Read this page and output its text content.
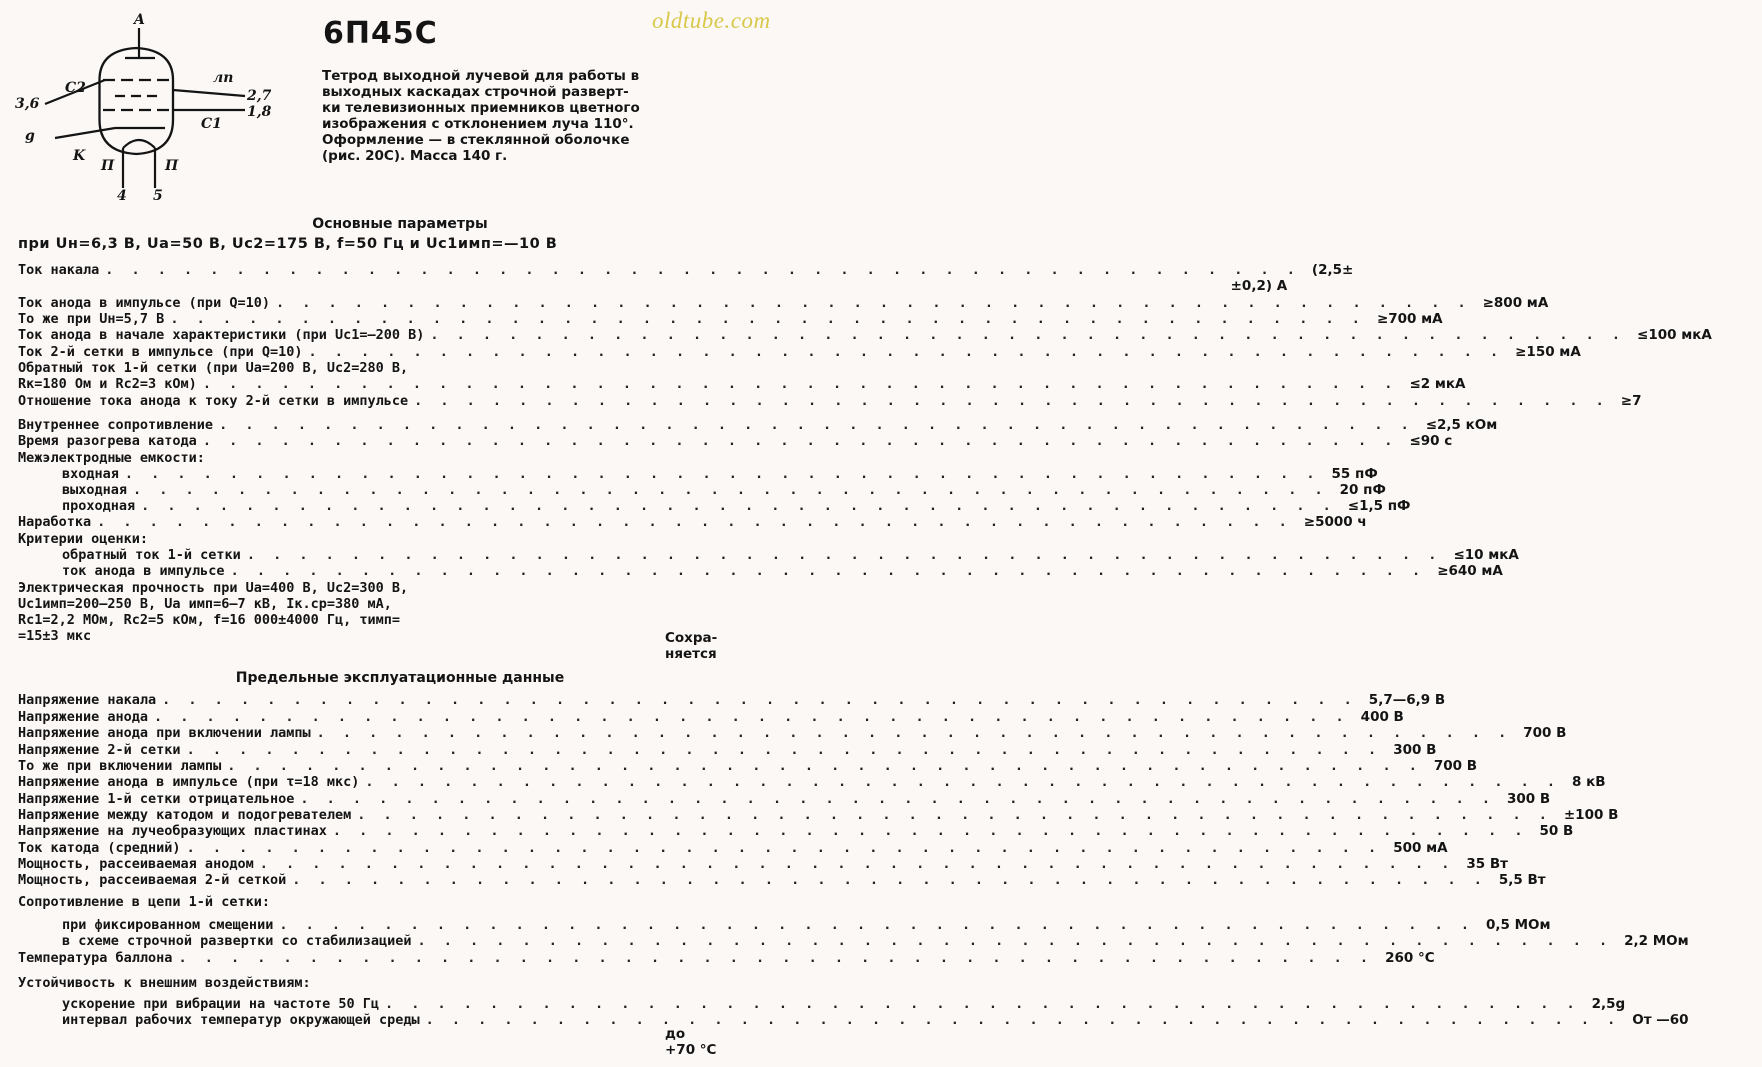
oldtube.com
A
3,6
g
C2
K
П	П
лп
C1
2,7
1,8
4 5
6П45С
Тетрод выходной лучевой для работы в
выходных каскадах строчной разверт-
ки телевизионных приемников цветного
изображения с отклонением луча 110°.
Оформление — в стеклянной оболочке
(рис. 20С). Масса 140 г.
Основные параметры
при Uн=6,3 В, Uа=50 В, Uс2=175 В, f=50 Гц и Uс1имп=—10 В
Ток накала . . . . . . . . . . . . . . . . . . . . . . . . . . . . . . . . . . . . . . . . . . . . . . (2,5±
±0,2) А
Ток анода в импульсе (при Q=10) . . . . . . . . . . . . . . . . . . . . . . . . . . . . . . . . . . . . . . . . . . . . . . ≥800 мА
То же при Uн=5,7 В . . . . . . . . . . . . . . . . . . . . . . . . . . . . . . . . . . . . . . . . . . . . . . ≥700 мА
Ток анода в начале характеристики (при Uс1=—200 В) . . . . . . . . . . . . . . . . . . . . . . . . . . . . . . . . . . . . . . . . . . . . . . ≤100 мкА
Ток 2-й сетки в импульсе (при Q=10) . . . . . . . . . . . . . . . . . . . . . . . . . . . . . . . . . . . . . . . . . . . . . . ≥150 мА
Обратный ток 1-й сетки (при Uа=200 В, Uс2=280 В,
Rк=180 Ом и Rс2=3 кОм) . . . . . . . . . . . . . . . . . . . . . . . . . . . . . . . . . . . . . . . . . . . . . . ≤2 мкА
Отношение тока анода к току 2-й сетки в импульсе . . . . . . . . . . . . . . . . . . . . . . . . . . . . . . . . . . . . . . . . . . . . . . ≥7
Внутреннее сопротивление . . . . . . . . . . . . . . . . . . . . . . . . . . . . . . . . . . . . . . . . . . . . . . ≤2,5 кОм
Время разогрева катода . . . . . . . . . . . . . . . . . . . . . . . . . . . . . . . . . . . . . . . . . . . . . . ≤90 с
Межэлектродные емкости:
входная . . . . . . . . . . . . . . . . . . . . . . . . . . . . . . . . . . . . . . . . . . . . . . 55 пФ
выходная . . . . . . . . . . . . . . . . . . . . . . . . . . . . . . . . . . . . . . . . . . . . . . 20 пФ
проходная . . . . . . . . . . . . . . . . . . . . . . . . . . . . . . . . . . . . . . . . . . . . . . ≤1,5 пФ
Наработка . . . . . . . . . . . . . . . . . . . . . . . . . . . . . . . . . . . . . . . . . . . . . . ≥5000 ч
Критерии оценки:
обратный ток 1-й сетки . . . . . . . . . . . . . . . . . . . . . . . . . . . . . . . . . . . . . . . . . . . . . . ≤10 мкА
ток анода в импульсе . . . . . . . . . . . . . . . . . . . . . . . . . . . . . . . . . . . . . . . . . . . . . . ≥640 мА
Электрическая прочность при Uа=400 В, Uс2=300 В,
Uс1имп=200—250 В, Uа имп=6—7 кВ, Iк.ср=380 мА,
Rс1=2,2 МОм, Rс2=5 кОм, f=16 000±4000 Гц, τимп=
=15±3 мкс	Сохра-
няется
Предельные эксплуатационные данные
Напряжение накала . . . . . . . . . . . . . . . . . . . . . . . . . . . . . . . . . . . . . . . . . . . . . . 5,7—6,9 В
Напряжение анода . . . . . . . . . . . . . . . . . . . . . . . . . . . . . . . . . . . . . . . . . . . . . . 400 В
Напряжение анода при включении лампы . . . . . . . . . . . . . . . . . . . . . . . . . . . . . . . . . . . . . . . . . . . . . . 700 В
Напряжение 2-й сетки . . . . . . . . . . . . . . . . . . . . . . . . . . . . . . . . . . . . . . . . . . . . . . 300 В
То же при включении лампы . . . . . . . . . . . . . . . . . . . . . . . . . . . . . . . . . . . . . . . . . . . . . . 700 В
Напряжение анода в импульсе (при τ=18 мкс) . . . . . . . . . . . . . . . . . . . . . . . . . . . . . . . . . . . . . . . . . . . . . . 8 кВ
Напряжение 1-й сетки отрицательное . . . . . . . . . . . . . . . . . . . . . . . . . . . . . . . . . . . . . . . . . . . . . . 300 В
Напряжение между катодом и подогревателем . . . . . . . . . . . . . . . . . . . . . . . . . . . . . . . . . . . . . . . . . . . . . . ±100 В
Напряжение на лучеобразующих пластинах . . . . . . . . . . . . . . . . . . . . . . . . . . . . . . . . . . . . . . . . . . . . . . 50 В
Ток катода (средний) . . . . . . . . . . . . . . . . . . . . . . . . . . . . . . . . . . . . . . . . . . . . . . 500 мА
Мощность, рассеиваемая анодом . . . . . . . . . . . . . . . . . . . . . . . . . . . . . . . . . . . . . . . . . . . . . . 35 Вт
Мощность, рассеиваемая 2-й сеткой . . . . . . . . . . . . . . . . . . . . . . . . . . . . . . . . . . . . . . . . . . . . . . 5,5 Вт
Сопротивление в цепи 1-й сетки:
при фиксированном смещении . . . . . . . . . . . . . . . . . . . . . . . . . . . . . . . . . . . . . . . . . . . . . . 0,5 МОм
в схеме строчной развертки со стабилизацией . . . . . . . . . . . . . . . . . . . . . . . . . . . . . . . . . . . . . . . . . . . . . . 2,2 МОм
Температура баллона . . . . . . . . . . . . . . . . . . . . . . . . . . . . . . . . . . . . . . . . . . . . . . 260 °С
Устойчивость к внешним воздействиям:
ускорение при вибрации на частоте 50 Гц . . . . . . . . . . . . . . . . . . . . . . . . . . . . . . . . . . . . . . . . . . . . . . 2,5g
интервал рабочих температур окружающей среды . . . . . . . . . . . . . . . . . . . . . . . . . . . . . . . . . . . . . . . . . . . . . . От —60
до
+70 °С
